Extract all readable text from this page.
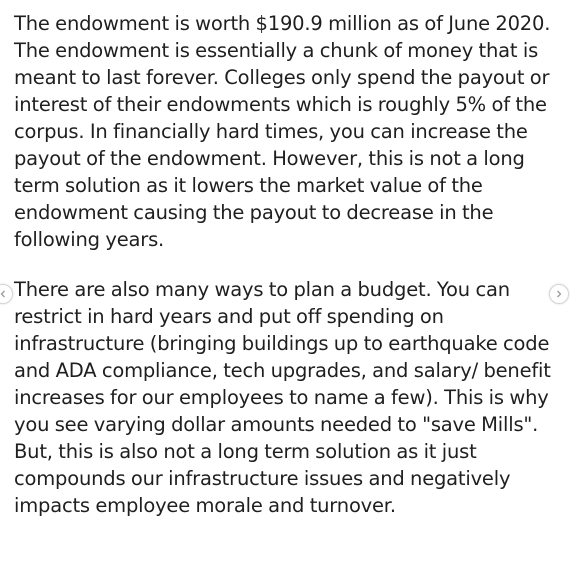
The endowment is worth $190.9 million as of June 2020. The endowment is essentially a chunk of money that is meant to last forever. Colleges only spend the payout or interest of their endowments which is roughly 5% of the corpus. In financially hard times, you can increase the payout of the endowment. However, this is not a long term solution as it lowers the market value of the endowment causing the payout to decrease in the following years.

There are also many ways to plan a budget. You can restrict in hard years and put off spending on infrastructure (bringing buildings up to earthquake code and ADA compliance, tech upgrades, and salary/ benefit increases for our employees to name a few). This is why you see varying dollar amounts needed to "save Mills". But, this is also not a long term solution as it just compounds our infrastructure issues and negatively impacts employee morale and turnover.
